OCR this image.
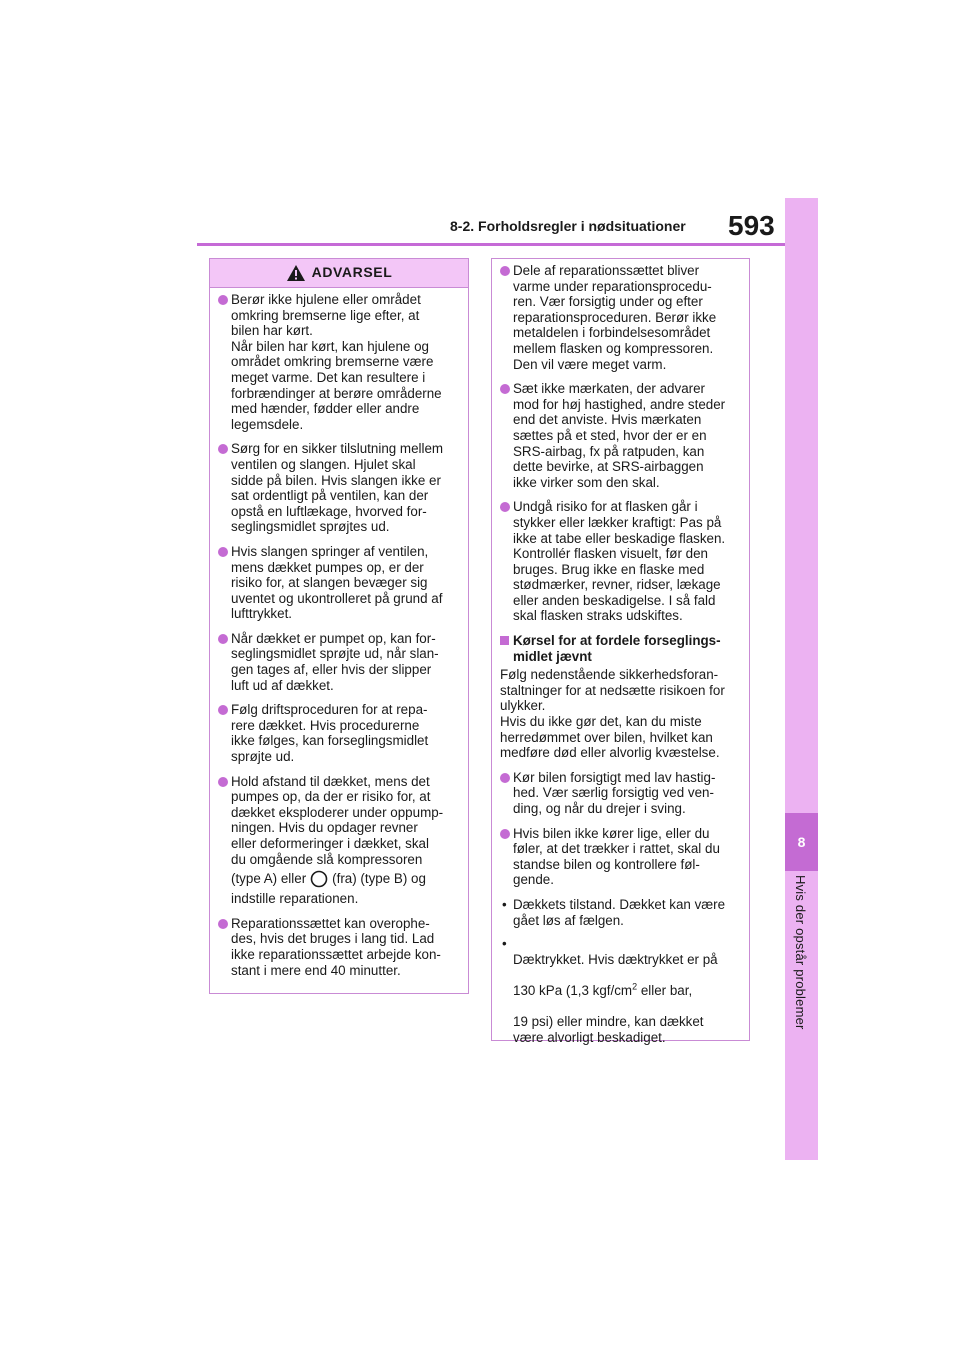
8-2. Forholdsregler i nødsituationer 593
8
Hvis der opstår problemer
ADVARSEL
Berør ikke hjulene eller området
omkring bremserne lige efter, at
bilen har kørt.
Når bilen har kørt, kan hjulene og
området omkring bremserne være
meget varme. Det kan resultere i
forbrændinger at berøre områderne
med hænder, fødder eller andre
legemsdele.
Sørg for en sikker tilslutning mellem
ventilen og slangen. Hjulet skal
sidde på bilen. Hvis slangen ikke er
sat ordentligt på ventilen, kan der
opstå en luftlækage, hvorved for-
seglingsmidlet sprøjtes ud.
Hvis slangen springer af ventilen,
mens dækket pumpes op, er der
risiko for, at slangen bevæger sig
uventet og ukontrolleret på grund af
lufttrykket.
Når dækket er pumpet op, kan for-
seglingsmidlet sprøjte ud, når slan-
gen tages af, eller hvis der slipper
luft ud af dækket.
Følg driftsproceduren for at repa-
rere dækket. Hvis procedurerne
ikke følges, kan forseglingsmidlet
sprøjte ud.
Hold afstand til dækket, mens det
pumpes op, da der er risiko for, at
dækket eksploderer under oppump-
ningen. Hvis du opdager revner
eller deformeringer i dækket, skal
du omgående slå kompressoren
(type A) eller (fra) (type B) og
indstille reparationen.
Reparationssættet kan overophe-
des, hvis det bruges i lang tid. Lad
ikke reparationssættet arbejde kon-
stant i mere end 40 minutter.
Dele af reparationssættet bliver
varme under reparationsprocedu-
ren. Vær forsigtig under og efter
reparationsproceduren. Berør ikke
metaldelen i forbindelsesområdet
mellem flasken og kompressoren.
Den vil være meget varm.
Sæt ikke mærkaten, der advarer
mod for høj hastighed, andre steder
end det anviste. Hvis mærkaten
sættes på et sted, hvor der er en
SRS-airbag, fx på ratpuden, kan
dette bevirke, at SRS-airbaggen
ikke virker som den skal.
Undgå risiko for at flasken går i
stykker eller lækker kraftigt: Pas på
ikke at tabe eller beskadige flasken.
Kontrollér flasken visuelt, før den
bruges. Brug ikke en flaske med
stødmærker, revner, ridser, lækage
eller anden beskadigelse. I så fald
skal flasken straks udskiftes.
Kørsel for at fordele forseglings-
midlet jævnt
Følg nedenstående sikkerhedsforan-
staltninger for at nedsætte risikoen for
ulykker.
Hvis du ikke gør det, kan du miste
herredømmet over bilen, hvilket kan
medføre død eller alvorlig kvæstelse.
Kør bilen forsigtigt med lav hastig-
hed. Vær særlig forsigtig ved ven-
ding, og når du drejer i sving.
Hvis bilen ikke kører lige, eller du
føler, at det trækker i rattet, skal du
standse bilen og kontrollere føl-
gende.
• Dækkets tilstand. Dækket kan være
gået løs af fælgen.

• Dæktrykket. Hvis dæktrykket er på

130 kPa (1,3 kgf/$cm^2$ eller bar,

19 psi) eller mindre, kan dækket
være alvorligt beskadiget.
